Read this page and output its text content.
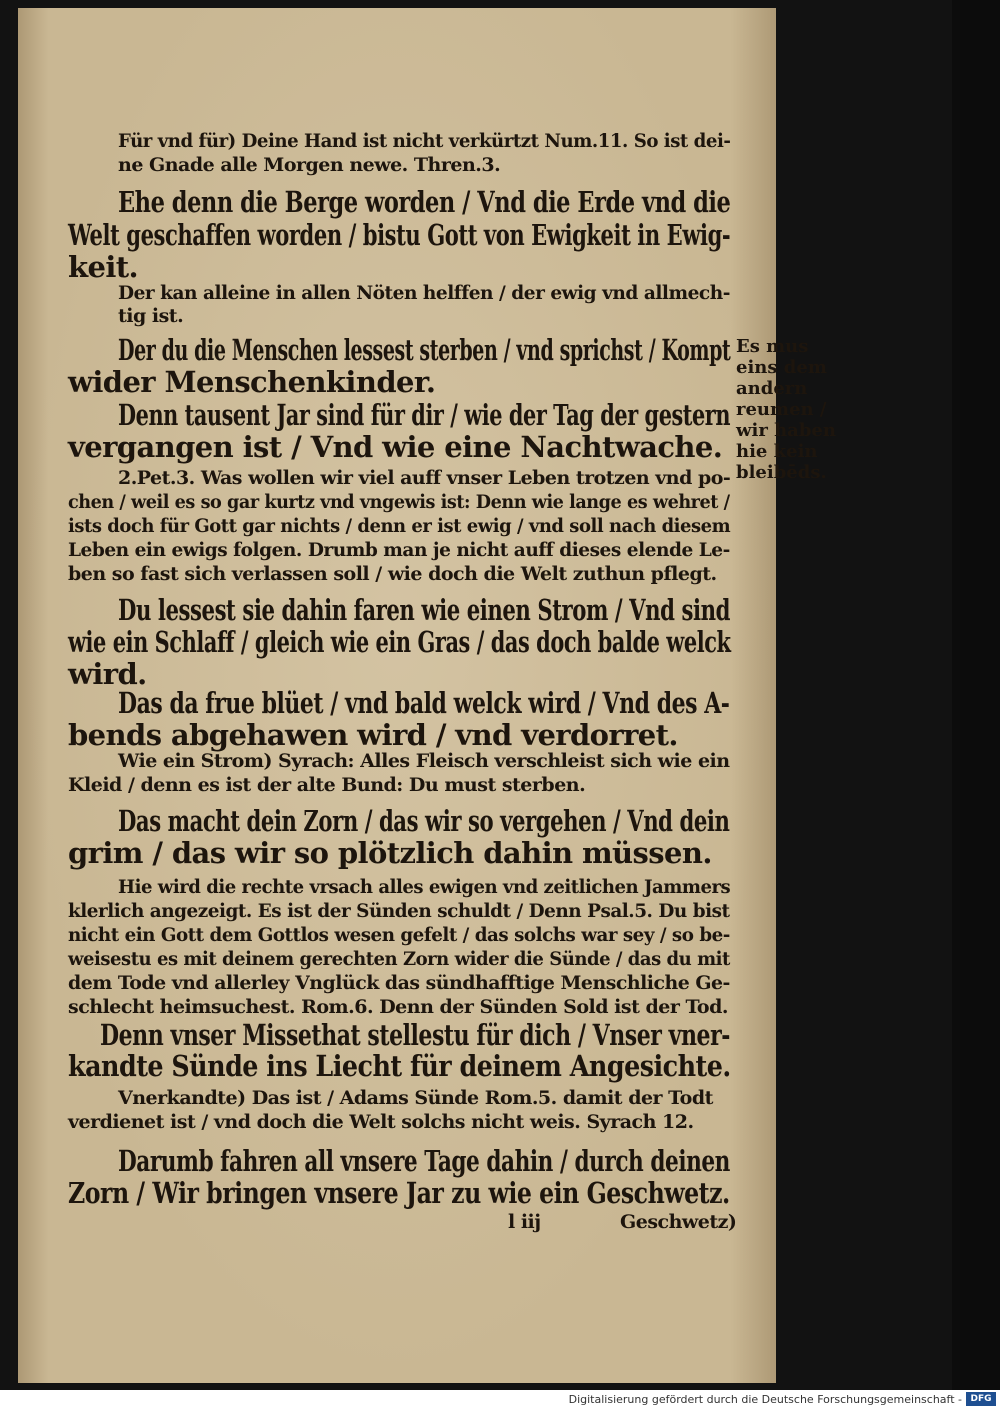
Für vnd für) Deine Hand ist nicht verkürtzt Num.11. So ist dei-
ne Gnade alle Morgen newe. Thren.3.
Ehe denn die Berge worden / Vnd die Erde vnd die
Welt geschaffen worden / bistu Gott von Ewigkeit in Ewig-
keit.
Der kan alleine in allen Nöten helffen / der ewig vnd allmech-
tig ist.
Der du die Menschen lessest sterben / vnd sprichst / Kompt
wider Menschenkinder.
Denn tausent Jar sind für dir / wie der Tag der gestern
vergangen ist / Vnd wie eine Nachtwache.
2.Pet.3. Was wollen wir viel auff vnser Leben trotzen vnd po-
chen / weil es so gar kurtz vnd vngewis ist: Denn wie lange es wehret /
ists doch für Gott gar nichts / denn er ist ewig / vnd soll nach diesem
Leben ein ewigs folgen. Drumb man je nicht auff dieses elende Le-
ben so fast sich verlassen soll / wie doch die Welt zuthun pflegt.
Du lessest sie dahin faren wie einen Strom / Vnd sind
wie ein Schlaff / gleich wie ein Gras / das doch balde welck
wird.
Das da frue blüet / vnd bald welck wird / Vnd des A-
bends abgehawen wird / vnd verdorret.
Wie ein Strom) Syrach: Alles Fleisch verschleist sich wie ein
Kleid / denn es ist der alte Bund: Du must sterben.
Das macht dein Zorn / das wir so vergehen / Vnd dein
grim / das wir so plötzlich dahin müssen.
Hie wird die rechte vrsach alles ewigen vnd zeitlichen Jammers
klerlich angezeigt. Es ist der Sünden schuldt / Denn Psal.5. Du bist
nicht ein Gott dem Gottlos wesen gefelt / das solchs war sey / so be-
weisestu es mit deinem gerechten Zorn wider die Sünde / das du mit
dem Tode vnd allerley Vnglück das sündhafftige Menschliche Ge-
schlecht heimsuchest. Rom.6. Denn der Sünden Sold ist der Tod.
Denn vnser Missethat stellestu für dich / Vnser vner-
kandte Sünde ins Liecht für deinem Angesichte.
Vnerkandte) Das ist / Adams Sünde Rom.5. damit der Todt
verdienet ist / vnd doch die Welt solchs nicht weis. Syrach 12.
Darumb fahren all vnsere Tage dahin / durch deinen
Zorn / Wir bringen vnsere Jar zu wie ein Geschwetz.
l iij	Geschwetz)
Es mus
eins dem
andern
reumen /
wir haben
hie kein
bleibēds.
Digitalisierung gefördert durch die Deutsche Forschungsgemeinschaft - DFG
